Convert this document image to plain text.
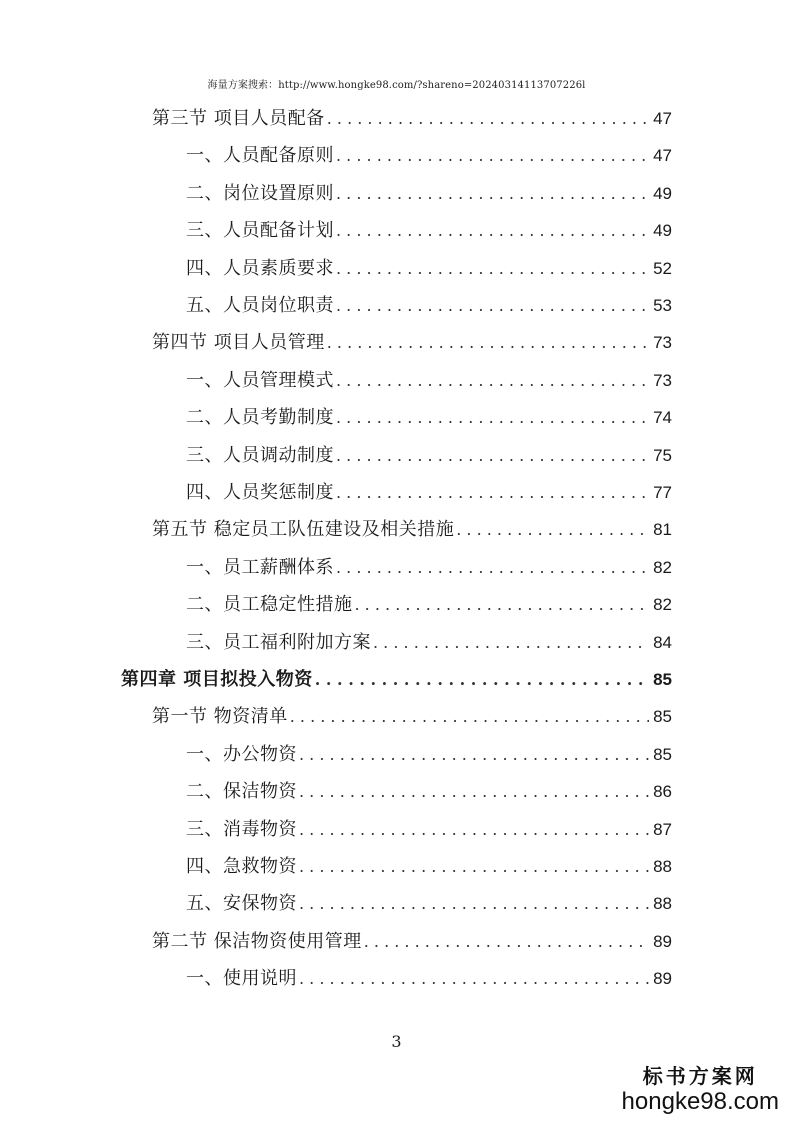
海量方案搜索：http://www.hongke98.com/?shareno=20240314113707226l
第三节 项目人员配备 . . .	47
一、人员配备原则 . . .	47
二、岗位设置原则 . . .	49
三、人员配备计划 . . .	49
四、人员素质要求 . . .	52
五、人员岗位职责 . . .	53
第四节 项目人员管理 . . .	73
一、人员管理模式 . . .	73
二、人员考勤制度 . . .	74
三、人员调动制度 . . .	75
四、人员奖惩制度 . . .	77
第五节 稳定员工队伍建设及相关措施 . . .	81
一、员工薪酬体系 . . .	82
二、员工稳定性措施 . . .	82
三、员工福利附加方案 . . .	84
第四章 项目拟投入物资 . . .	85
第一节 物资清单 . . .	85
一、办公物资 . . .	85
二、保洁物资 . . .	86
三、消毒物资 . . .	87
四、急救物资 . . .	88
五、安保物资 . . .	88
第二节 保洁物资使用管理 . . .	89
一、使用说明 . . .	89
3
标书方案网
hongke98.com
